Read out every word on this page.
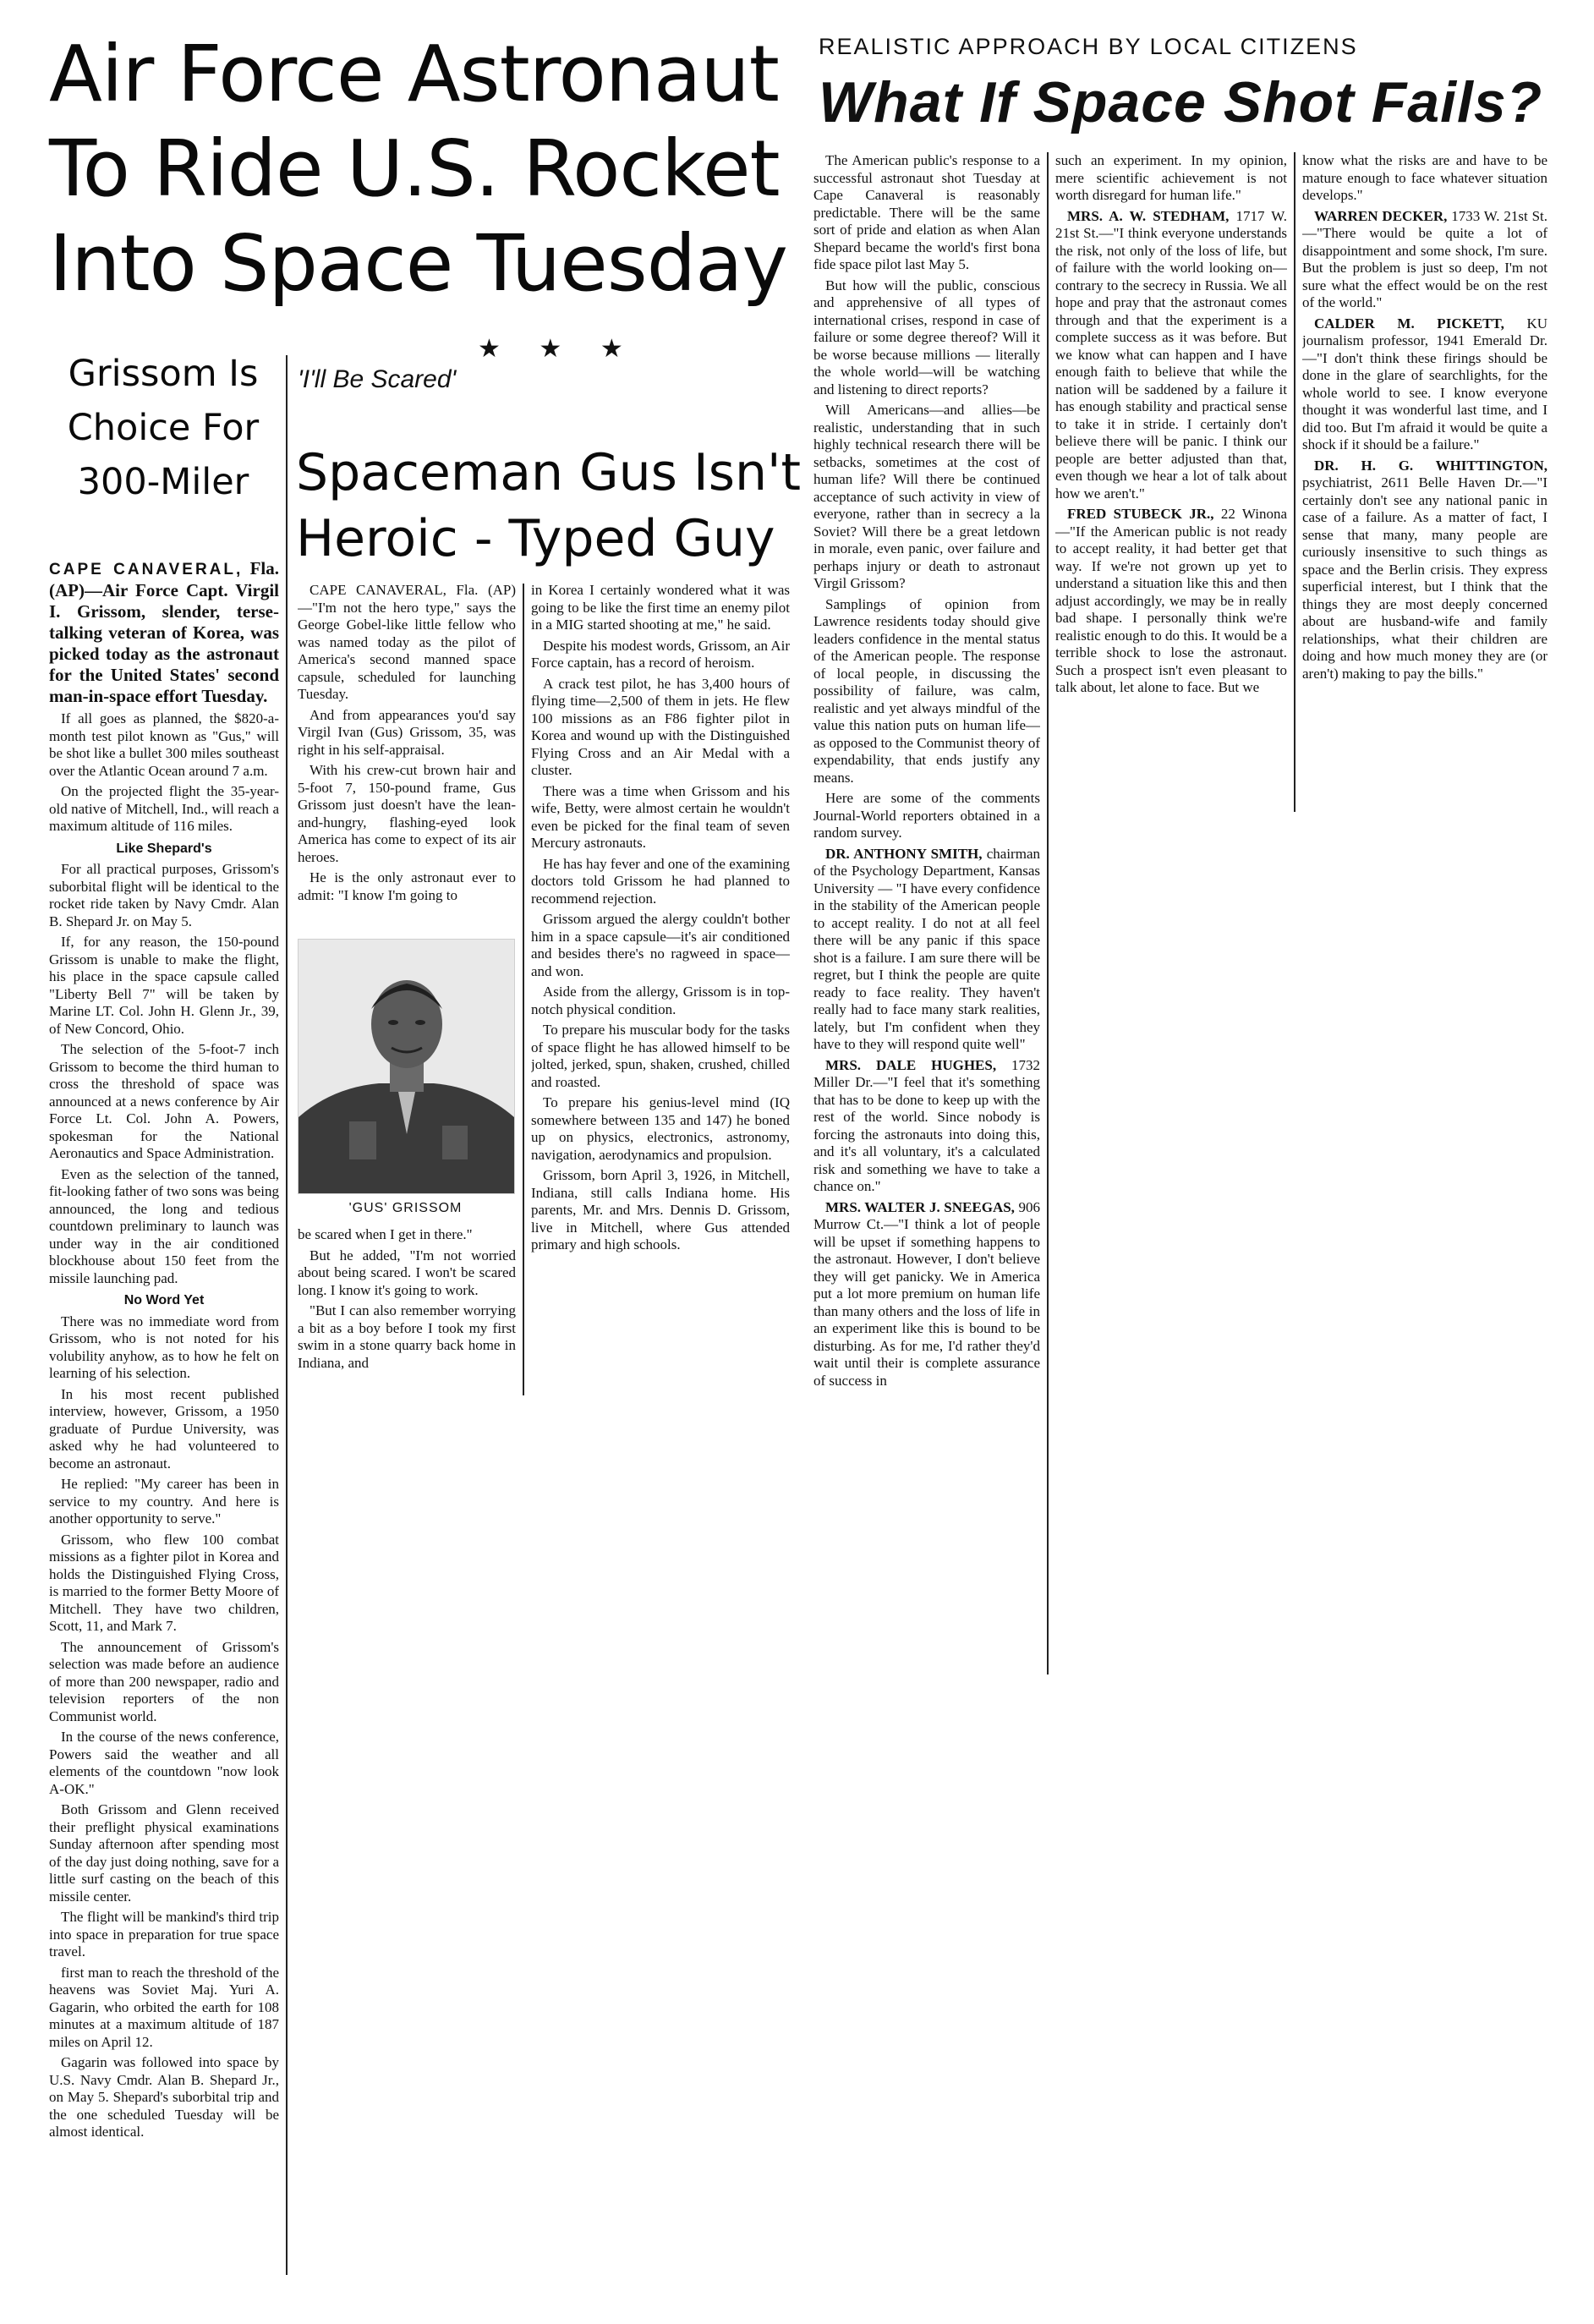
Air Force Astronaut
To Ride U.S. Rocket
Into Space Tuesday
REALISTIC APPROACH BY LOCAL CITIZENS
What If Space Shot Fails?
Grissom Is
Choice For
300-Miler
★ ★ ★
'I'll Be Scared'
Spaceman Gus Isn't
Heroic - Typed Guy

CAPE CANAVERAL, Fla. (AP)—Air Force Capt. Virgil I. Grissom, slender, terse-talking veteran of Korea, was picked today as the astronaut for the United States' second man-in-space effort Tuesday.

If all goes as planned, the $820-a-month test pilot known as "Gus," will be shot like a bullet 300 miles southeast over the Atlantic Ocean around 7 a.m.

On the projected flight the 35-year-old native of Mitchell, Ind., will reach a maximum altitude of 116 miles.

Like Shepard's

For all practical purposes, Grissom's suborbital flight will be identical to the rocket ride taken by Navy Cmdr. Alan B. Shepard Jr. on May 5.

If, for any reason, the 150-pound Grissom is unable to make the flight, his place in the space capsule called "Liberty Bell 7" will be taken by Marine LT. Col. John H. Glenn Jr., 39, of New Concord, Ohio.

The selection of the 5-foot-7 inch Grissom to become the third human to cross the threshold of space was announced at a news conference by Air Force Lt. Col. John A. Powers, spokesman for the National Aeronautics and Space Administration.

Even as the selection of the tanned, fit-looking father of two sons was being announced, the long and tedious countdown preliminary to launch was under way in the air conditioned blockhouse about 150 feet from the missile launching pad.

No Word Yet

There was no immediate word from Grissom, who is not noted for his volubility anyhow, as to how he felt on learning of his selection.

In his most recent published interview, however, Grissom, a 1950 graduate of Purdue University, was asked why he had volunteered to become an astronaut.

He replied: "My career has been in service to my country. And here is another opportunity to serve."

Grissom, who flew 100 combat missions as a fighter pilot in Korea and holds the Distinguished Flying Cross, is married to the former Betty Moore of Mitchell. They have two children, Scott, 11, and Mark 7.

The announcement of Grissom's selection was made before an audience of more than 200 newspaper, radio and television reporters of the non Communist world.

In the course of the news conference, Powers said the weather and all elements of the countdown "now look A-OK."

Both Grissom and Glenn received their preflight physical examinations Sunday afternoon after spending most of the day just doing nothing, save for a little surf casting on the beach of this missile center.

The flight will be mankind's third trip into space in preparation for true space travel.

first man to reach the threshold of the heavens was Soviet Maj. Yuri A. Gagarin, who orbited the earth for 108 minutes at a maximum altitude of 187 miles on April 12.

Gagarin was followed into space by U.S. Navy Cmdr. Alan B. Shepard Jr., on May 5. Shepard's suborbital trip and the one scheduled Tuesday will be almost identical.

CAPE CANAVERAL, Fla. (AP) —"I'm not the hero type," says the George Gobel-like little fellow who was named today as the pilot of America's second manned space capsule, scheduled for launching Tuesday.

And from appearances you'd say Virgil Ivan (Gus) Grissom, 35, was right in his self-appraisal.

With his crew-cut brown hair and 5-foot 7, 150-pound frame, Gus Grissom just doesn't have the lean-and-hungry, flashing-eyed look America has come to expect of its air heroes.

He is the only astronaut ever to admit: "I know I'm going to

'GUS' GRISSOM

be scared when I get in there."

But he added, "I'm not worried about being scared. I won't be scared long. I know it's going to work.

"But I can also remember worrying a bit as a boy before I took my first swim in a stone quarry back home in Indiana, and

in Korea I certainly wondered what it was going to be like the first time an enemy pilot in a MIG started shooting at me," he said.

Despite his modest words, Grissom, an Air Force captain, has a record of heroism.

A crack test pilot, he has 3,400 hours of flying time—2,500 of them in jets. He flew 100 missions as an F86 fighter pilot in Korea and wound up with the Distinguished Flying Cross and an Air Medal with a cluster.

There was a time when Grissom and his wife, Betty, were almost certain he wouldn't even be picked for the final team of seven Mercury astronauts.

He has hay fever and one of the examining doctors told Grissom he had planned to recommend rejection.

Grissom argued the alergy couldn't bother him in a space capsule—it's air conditioned and besides there's no ragweed in space—and won.

Aside from the allergy, Grissom is in top-notch physical condition.

To prepare his muscular body for the tasks of space flight he has allowed himself to be jolted, jerked, spun, shaken, crushed, chilled and roasted.

To prepare his genius-level mind (IQ somewhere between 135 and 147) he boned up on physics, electronics, astronomy, navigation, aerodynamics and propulsion.

Grissom, born April 3, 1926, in Mitchell, Indiana, still calls Indiana home. His parents, Mr. and Mrs. Dennis D. Grissom, live in Mitchell, where Gus attended primary and high schools.

The American public's response to a successful astronaut shot Tuesday at Cape Canaveral is reasonably predictable. There will be the same sort of pride and elation as when Alan Shepard became the world's first bona fide space pilot last May 5.

But how will the public, conscious and apprehensive of all types of international crises, respond in case of failure or some degree thereof? Will it be worse because millions — literally the whole world—will be watching and listening to direct reports?

Will Americans—and allies—be realistic, understanding that in such highly technical research there will be setbacks, sometimes at the cost of human life? Will there be continued acceptance of such activity in view of everyone, rather than in secrecy a la Soviet? Will there be a great letdown in morale, even panic, over failure and perhaps injury or death to astronaut Virgil Grissom?

Samplings of opinion from Lawrence residents today should give leaders confidence in the mental status of the American people. The response of local people, in discussing the possibility of failure, was calm, realistic and yet always mindful of the value this nation puts on human life—as opposed to the Communist theory of expendability, that ends justify any means.

Here are some of the comments Journal-World reporters obtained in a random survey.

DR. ANTHONY SMITH, chairman of the Psychology Department, Kansas University — "I have every confidence in the stability of the American people to accept reality. I do not at all feel there will be any panic if this space shot is a failure. I am sure there will be regret, but I think the people are quite ready to face reality. They haven't really had to face many stark realities, lately, but I'm confident when they have to they will respond quite well"

MRS. DALE HUGHES, 1732 Miller Dr.—"I feel that it's something that has to be done to keep up with the rest of the world. Since nobody is forcing the astronauts into doing this, and it's all voluntary, it's a calculated risk and something we have to take a chance on."

MRS. WALTER J. SNEEGAS, 906 Murrow Ct.—"I think a lot of people will be upset if something happens to the astronaut. However, I don't believe they will get panicky. We in America put a lot more premium on human life than many others and the loss of life in an experiment like this is bound to be disturbing. As for me, I'd rather they'd wait until their is complete assurance of success in

such an experiment. In my opinion, mere scientific achievement is not worth disregard for human life."

MRS. A. W. STEDHAM, 1717 W. 21st St.—"I think everyone understands the risk, not only of the loss of life, but of failure with the world looking on—contrary to the secrecy in Russia. We all hope and pray that the astronaut comes through and that the experiment is a complete success as it was before. But we know what can happen and I have enough faith to believe that while the nation will be saddened by a failure it has enough stability and practical sense to take it in stride. I certainly don't believe there will be panic. I think our people are better adjusted than that, even though we hear a lot of talk about how we aren't."

FRED STUBECK JR., 22 Winona—"If the American public is not ready to accept reality, it had better get that way. If we're not grown up yet to understand a situation like this and then adjust accordingly, we may be in really bad shape. I personally think we're realistic enough to do this. It would be a terrible shock to lose the astronaut. Such a prospect isn't even pleasant to talk about, let alone to face. But we

know what the risks are and have to be mature enough to face whatever situation develops."

WARREN DECKER, 1733 W. 21st St.—"There would be quite a lot of disappointment and some shock, I'm sure. But the problem is just so deep, I'm not sure what the effect would be on the rest of the world."

CALDER M. PICKETT, KU journalism professor, 1941 Emerald Dr.—"I don't think these firings should be done in the glare of searchlights, for the whole world to see. I know everyone thought it was wonderful last time, and I did too. But I'm afraid it would be quite a shock if it should be a failure."

DR. H. G. WHITTINGTON, psychiatrist, 2611 Belle Haven Dr.—"I certainly don't see any national panic in case of a failure. As a matter of fact, I sense that many, many people are curiously insensitive to such things as space and the Berlin crisis. They express superficial interest, but I think that the things they are most deeply concerned about are husband-wife and family relationships, what their children are doing and how much money they are (or aren't) making to pay the bills."
